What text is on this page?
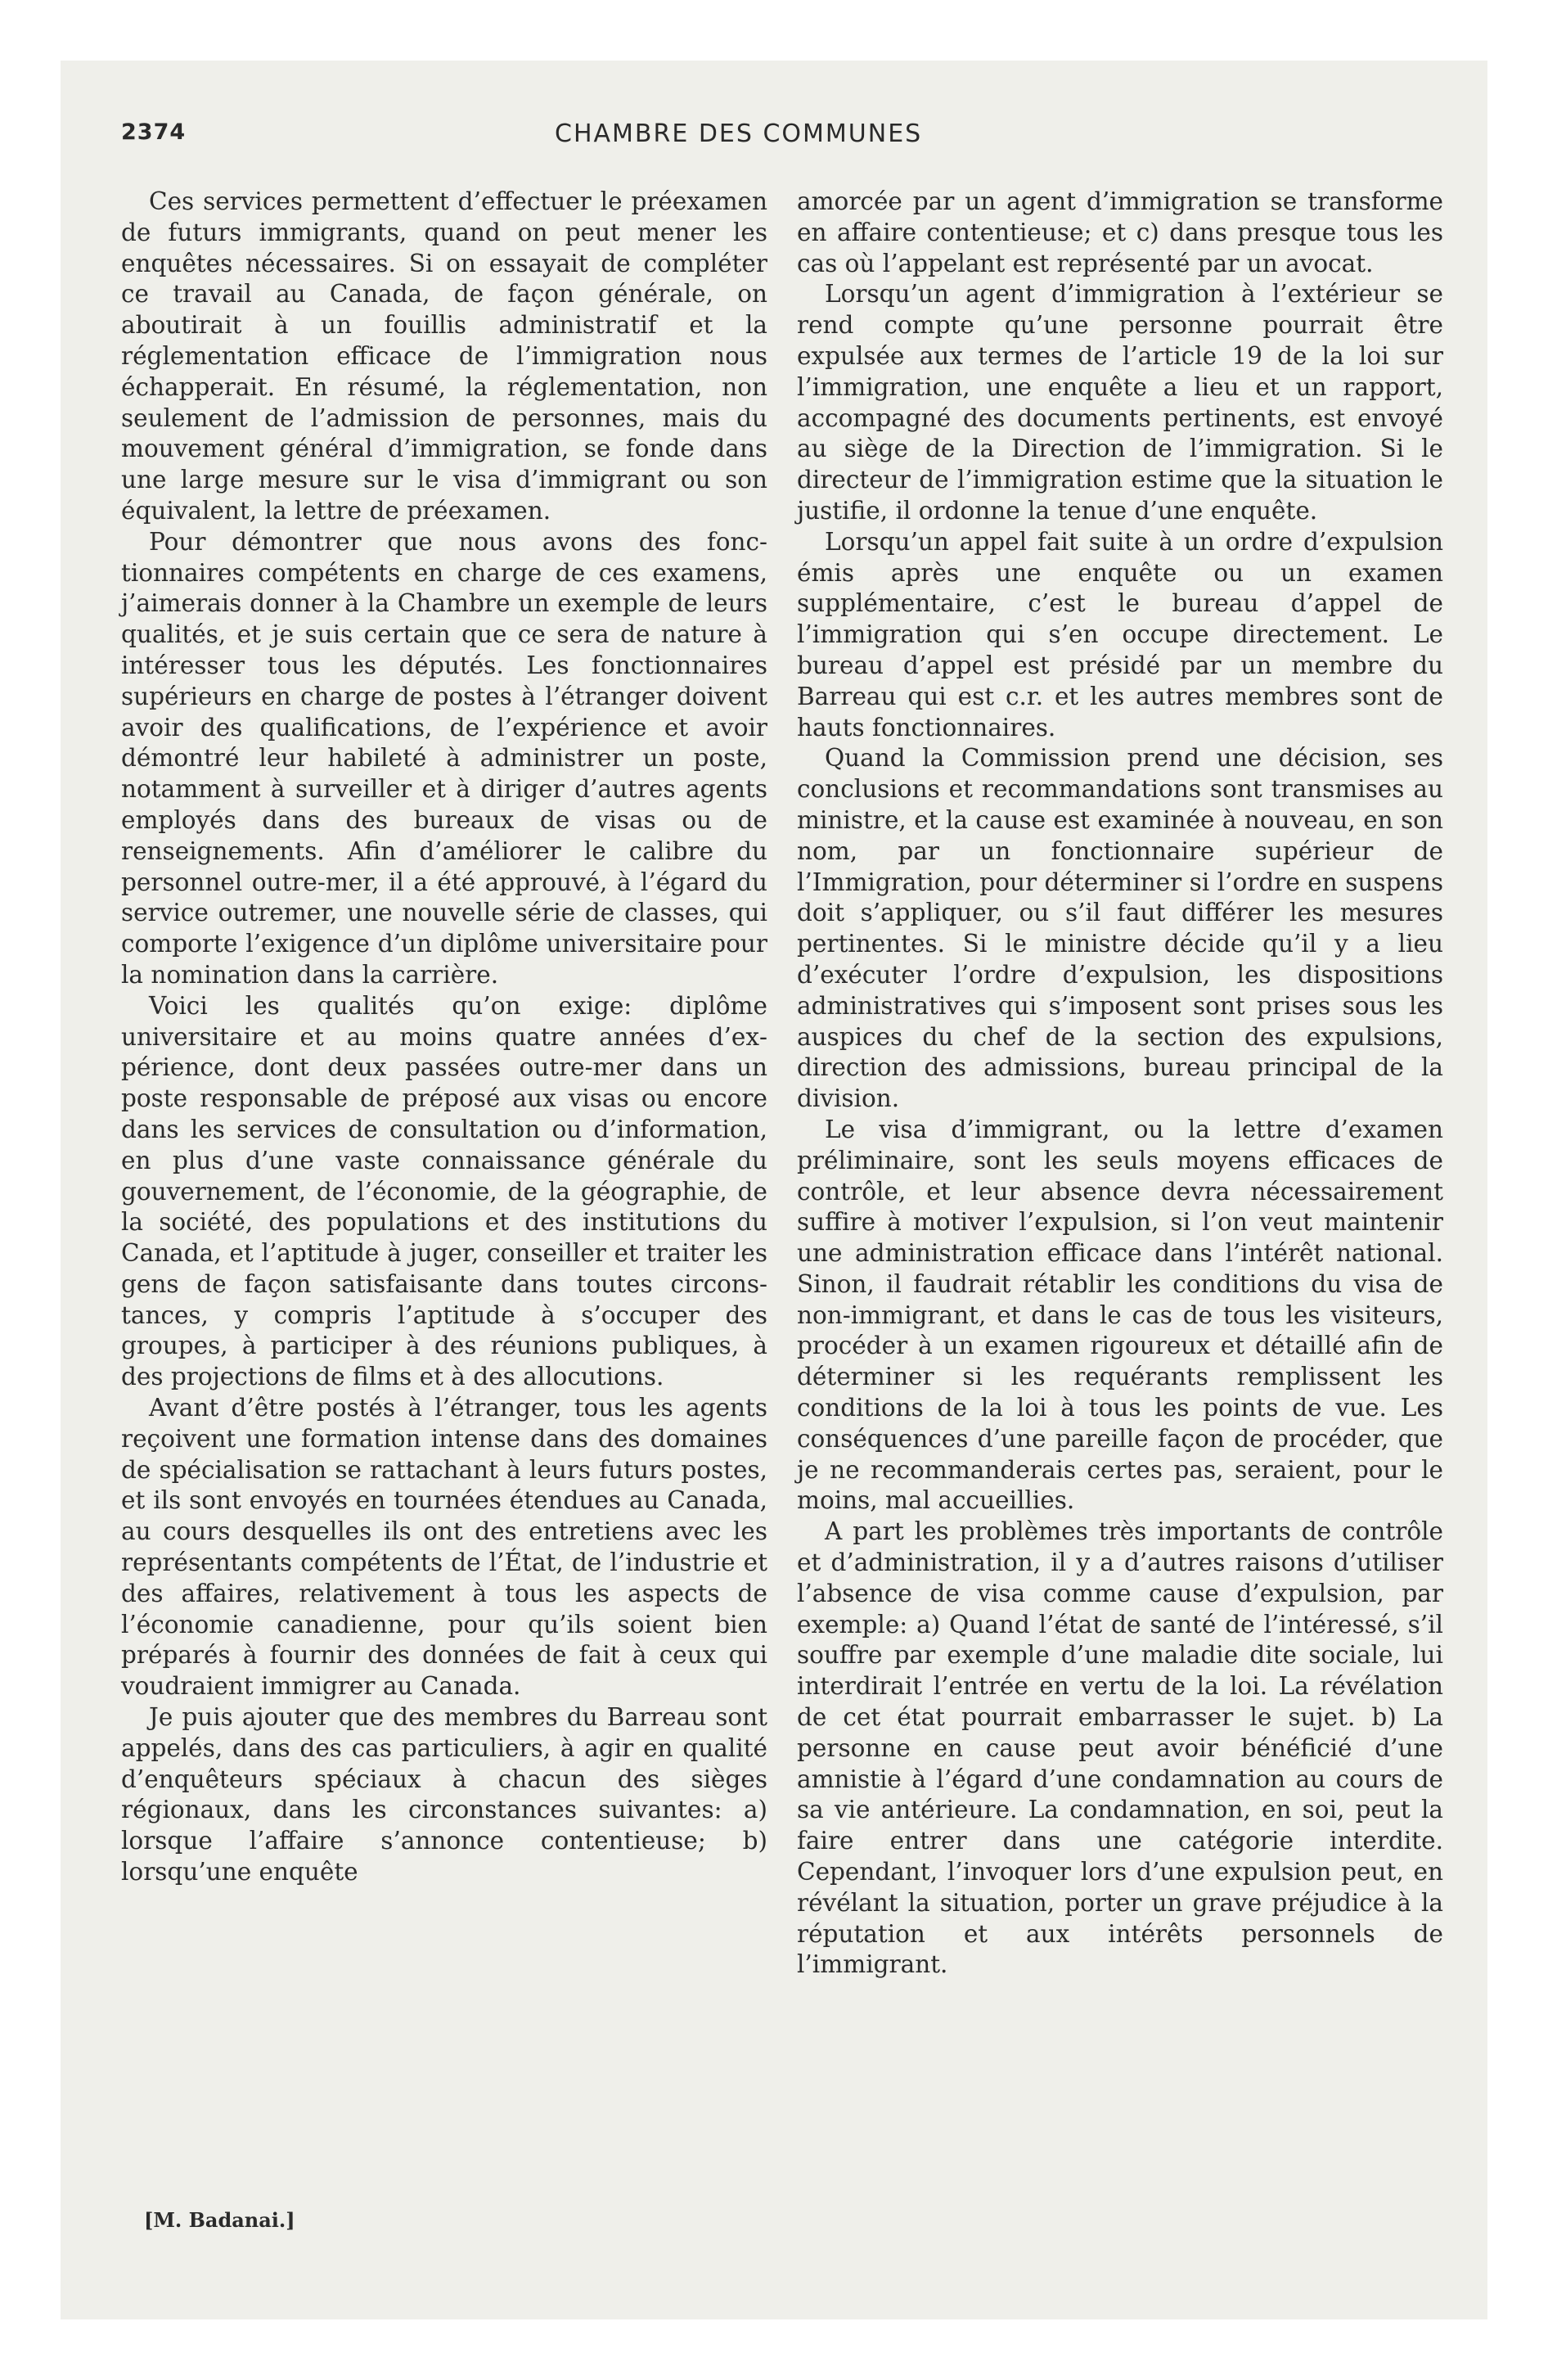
2374	CHAMBRE DES COMMUNES

Ces services permettent d’effectuer le préexamen de futurs immigrants, quand on peut mener les enquêtes nécessaires. Si on essayait de compléter ce travail au Canada, de façon générale, on aboutirait à un fouillis administratif et la réglementation efficace de l’immigration nous échapperait. En résumé, la réglementation, non seulement de l’admission de personnes, mais du mouvement général d’immigration, se fonde dans une large mesure sur le visa d’immigrant ou son équivalent, la lettre de préexamen.

Pour démontrer que nous avons des fonctionnaires compétents en charge de ces examens, j’aimerais donner à la Chambre un exemple de leurs qualités, et je suis certain que ce sera de nature à intéresser tous les députés. Les fonctionnaires supérieurs en charge de postes à l’étranger doivent avoir des qualifications, de l’expérience et avoir démontré leur habileté à administrer un poste, notamment à surveiller et à diriger d’autres agents employés dans des bureaux de visas ou de renseignements. Afin d’améliorer le calibre du personnel outre-mer, il a été approuvé, à l’égard du service outremer, une nouvelle série de classes, qui comporte l’exigence d’un diplôme universitaire pour la nomination dans la carrière.

Voici les qualités qu’on exige: diplôme universitaire et au moins quatre années d’expérience, dont deux passées outre-mer dans un poste responsable de préposé aux visas ou encore dans les services de consultation ou d’information, en plus d’une vaste connaissance générale du gouvernement, de l’économie, de la géographie, de la société, des populations et des institutions du Canada, et l’aptitude à juger, conseiller et traiter les gens de façon satisfaisante dans toutes circonstances, y compris l’aptitude à s’occuper des groupes, à participer à des réunions publiques, à des projections de films et à des allocutions.

Avant d’être postés à l’étranger, tous les agents reçoivent une formation intense dans des domaines de spécialisation se rattachant à leurs futurs postes, et ils sont envoyés en tournées étendues au Canada, au cours desquelles ils ont des entretiens avec les représentants compétents de l’État, de l’industrie et des affaires, relativement à tous les aspects de l’économie canadienne, pour qu’ils soient bien préparés à fournir des données de fait à ceux qui voudraient immigrer au Canada.

Je puis ajouter que des membres du Barreau sont appelés, dans des cas particuliers, à agir en qualité d’enquêteurs spéciaux à chacun des sièges régionaux, dans les circonstances suivantes: a) lorsque l’affaire s’annonce contentieuse; b) lorsqu’une enquête

amorcée par un agent d’immigration se transforme en affaire contentieuse; et c) dans presque tous les cas où l’appelant est représenté par un avocat.

Lorsqu’un agent d’immigration à l’extérieur se rend compte qu’une personne pourrait être expulsée aux termes de l’article 19 de la loi sur l’immigration, une enquête a lieu et un rapport, accompagné des documents pertinents, est envoyé au siège de la Direction de l’immigration. Si le directeur de l’immigration estime que la situation le justifie, il ordonne la tenue d’une enquête.

Lorsqu’un appel fait suite à un ordre d’expulsion émis après une enquête ou un examen supplémentaire, c’est le bureau d’appel de l’immigration qui s’en occupe directement. Le bureau d’appel est présidé par un membre du Barreau qui est c.r. et les autres membres sont de hauts fonctionnaires.

Quand la Commission prend une décision, ses conclusions et recommandations sont transmises au ministre, et la cause est examinée à nouveau, en son nom, par un fonctionnaire supérieur de l’Immigration, pour déterminer si l’ordre en suspens doit s’appliquer, ou s’il faut différer les mesures pertinentes. Si le ministre décide qu’il y a lieu d’exécuter l’ordre d’expulsion, les dispositions administratives qui s’imposent sont prises sous les auspices du chef de la section des expulsions, direction des admissions, bureau principal de la division.

Le visa d’immigrant, ou la lettre d’examen préliminaire, sont les seuls moyens efficaces de contrôle, et leur absence devra nécessairement suffire à motiver l’expulsion, si l’on veut maintenir une administration efficace dans l’intérêt national. Sinon, il faudrait rétablir les conditions du visa de non-immigrant, et dans le cas de tous les visiteurs, procéder à un examen rigoureux et détaillé afin de déterminer si les requérants remplissent les conditions de la loi à tous les points de vue. Les conséquences d’une pareille façon de procéder, que je ne recommanderais certes pas, seraient, pour le moins, mal accueillies.

A part les problèmes très importants de contrôle et d’administration, il y a d’autres raisons d’utiliser l’absence de visa comme cause d’expulsion, par exemple: a) Quand l’état de santé de l’intéressé, s’il souffre par exemple d’une maladie dite sociale, lui interdirait l’entrée en vertu de la loi. La révélation de cet état pourrait embarrasser le sujet. b) La personne en cause peut avoir bénéficié d’une amnistie à l’égard d’une condamnation au cours de sa vie antérieure. La condamnation, en soi, peut la faire entrer dans une catégorie interdite. Cependant, l’invoquer lors d’une expulsion peut, en révélant la situation, porter un grave préjudice à la réputation et aux intérêts personnels de l’immigrant.

[M. Badanai.]
